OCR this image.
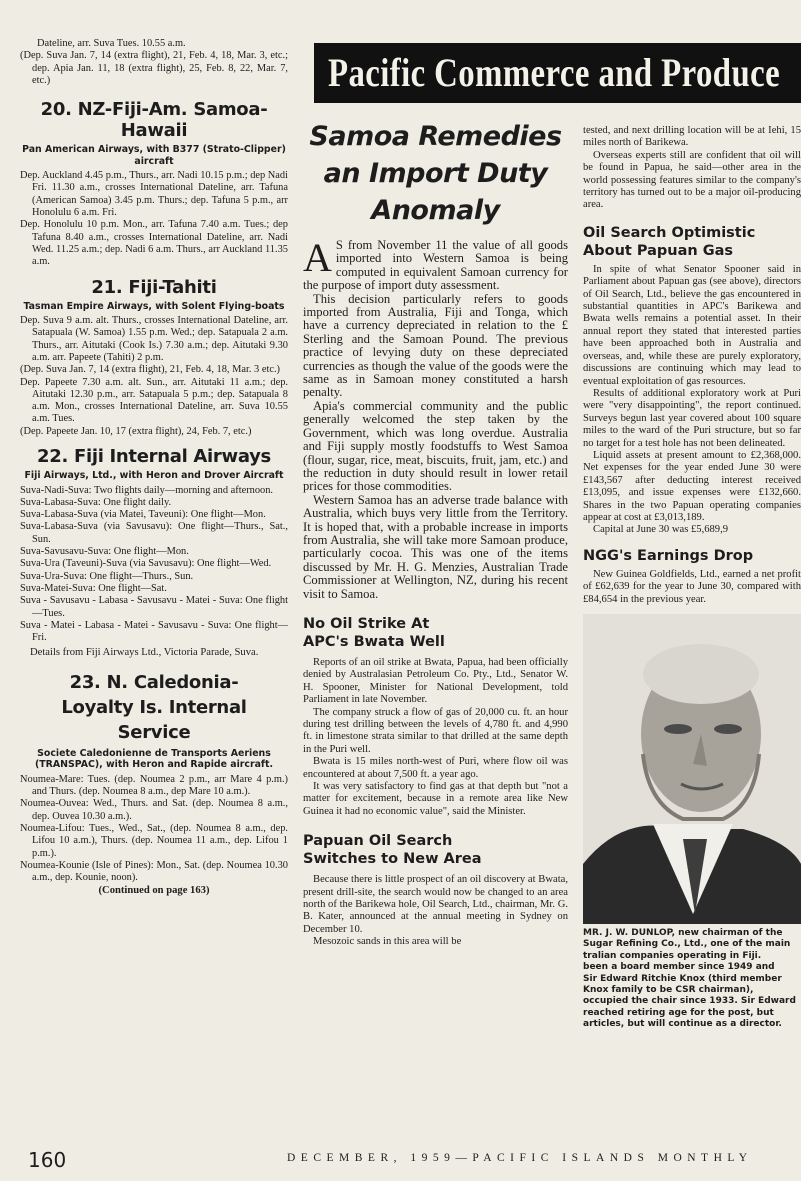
Pacific Commerce and Produce
Dateline, arr. Suva Tues. 10.55 a.m.
(Dep. Suva Jan. 7, 14 (extra flight), 21, Feb. 4, 18, Mar. 3, etc.; dep. Apia Jan. 11, 18 (extra flight), 25, Feb. 8, 22, Mar. 7, etc.)
20. NZ-Fiji-Am. Samoa-Hawaii
Pan American Airways, with B377 (Strato-Clipper) aircraft
Dep. Auckland 4.45 p.m., Thurs., arr. Nadi 10.15 p.m.; dep Nadi Fri. 11.30 a.m., crosses International Dateline, arr. Tafuna (American Samoa) 3.45 p.m. Thurs.; dep. Tafuna 5 p.m., arr Honolulu 6 a.m. Fri.
Dep. Honolulu 10 p.m. Mon., arr. Tafuna 7.40 a.m. Tues.; dep Tafuna 8.40 a.m., crosses International Dateline, arr. Nadi Wed. 11.25 a.m.; dep. Nadi 6 a.m. Thurs., arr Auckland 11.35 a.m.
21. Fiji-Tahiti
Tasman Empire Airways, with Solent Flying-boats
Dep. Suva 9 a.m. alt. Thurs., crosses International Dateline, arr. Satapuala (W. Samoa) 1.55 p.m. Wed.; dep. Satapuala 2 a.m. Thurs., arr. Aitutaki (Cook Is.) 7.30 a.m.; dep. Aitutaki 9.30 a.m. arr. Papeete (Tahiti) 2 p.m.
(Dep. Suva Jan. 7, 14 (extra flight), 21, Feb. 4, 18, Mar. 3 etc.)
Dep. Papeete 7.30 a.m. alt. Sun., arr. Aitutaki 11 a.m.; dep. Aitutaki 12.30 p.m., arr. Satapuala 5 p.m.; dep. Satapuala 8 a.m. Mon., crosses International Dateline, arr. Suva 10.55 a.m. Tues.
(Dep. Papeete Jan. 10, 17 (extra flight), 24, Feb. 7, etc.)
22. Fiji Internal Airways
Fiji Airways, Ltd., with Heron and Drover Aircraft
Suva-Nadi-Suva: Two flights daily—morning and afternoon.
Suva-Labasa-Suva: One flight daily.
Suva-Labasa-Suva (via Matei, Taveuni): One flight—Mon.
Suva-Labasa-Suva (via Savusavu): One flight—Thurs., Sat., Sun.
Suva-Savusavu-Suva: One flight—Mon.
Suva-Ura (Taveuni)-Suva (via Savusavu): One flight—Wed.
Suva-Ura-Suva: One flight—Thurs., Sun.
Suva-Matei-Suva: One flight—Sat.
Suva - Savusavu - Labasa - Savusavu - Matei - Suva: One flight—Tues.
Suva - Matei - Labasa - Matei - Savusavu - Suva: One flight—Fri.

Details from Fiji Airways Ltd., Victoria Parade, Suva.

23. N. Caledonia-Loyalty Is. Internal Service
Societe Caledonienne de Transports Aeriens (TRANSPAC), with Heron and Rapide aircraft.
Noumea-Mare: Tues. (dep. Noumea 2 p.m., arr Mare 4 p.m.) and Thurs. (dep. Noumea 8 a.m., dep Mare 10 a.m.).
Noumea-Ouvea: Wed., Thurs. and Sat. (dep. Noumea 8 a.m., dep. Ouvea 10.30 a.m.).
Noumea-Lifou: Tues., Wed., Sat., (dep. Noumea 8 a.m., dep. Lifou 10 a.m.), Thurs. (dep. Noumea 11 a.m., dep. Lifou 1 p.m.).
Noumea-Kounie (Isle of Pines): Mon., Sat. (dep. Noumea 10.30 a.m., dep. Kounie, noon).

(Continued on page 163)

Samoa Remedies an Import Duty Anomaly

A S from November 11 the value of all goods imported into Western Samoa is being computed in equivalent Samoan currency for the purpose of import duty assessment.

This decision particularly refers to goods imported from Australia, Fiji and Tonga, which have a currency depreciated in relation to the £ Sterling and the Samoan Pound. The previous practice of levying duty on these depreciated currencies as though the value of the goods were the same as in Samoan money constituted a harsh penalty.

Apia's commercial community and the public generally welcomed the step taken by the Government, which was long overdue. Australia and Fiji supply mostly foodstuffs to West Samoa (flour, sugar, rice, meat, biscuits, fruit, jam, etc.) and the reduction in duty should result in lower retail prices for those commodities.

Western Samoa has an adverse trade balance with Australia, which buys very little from the Territory. It is hoped that, with a probable increase in imports from Australia, she will take more Samoan produce, particularly cocoa. This was one of the items discussed by Mr. H. G. Menzies, Australian Trade Commissioner at Wellington, NZ, during his recent visit to Samoa.

No Oil Strike At APC's Bwata Well

Reports of an oil strike at Bwata, Papua, had been officially denied by Australasian Petroleum Co. Pty., Ltd., Senator W. H. Spooner, Minister for National Development, told Parliament in late November.

The company struck a flow of gas of 20,000 cu. ft. an hour during test drilling between the levels of 4,780 ft. and 4,990 ft. in limestone strata similar to that drilled at the same depth in the Puri well.

Bwata is 15 miles north-west of Puri, where flow oil was encountered at about 7,500 ft. a year ago.

It was very satisfactory to find gas at that depth but "not a matter for excitement, because in a remote area like New Guinea it had no economic value", said the Minister.

Papuan Oil Search Switches to New Area

Because there is little prospect of an oil discovery at Bwata, present drill-site, the search would now be changed to an area north of the Barikewa hole, Oil Search, Ltd., chairman, Mr. G. B. Kater, announced at the annual meeting in Sydney on December 10.

Mesozoic sands in this area will be

tested, and next drilling location will be at Iehi, 15 miles north of Barikewa.

Overseas experts still are confident that oil will be found in Papua, he said—other area in the world possessing features similar to the company's territory has turned out to be a major oil-producing area.

Oil Search Optimistic About Papuan Gas

In spite of what Senator Spooner said in Parliament about Papuan gas (see above), directors of Oil Search, Ltd., believe the gas encountered in substantial quantities in APC's Barikewa and Bwata wells remains a potential asset. In their annual report they stated that interested parties have been approached both in Australia and overseas, and, while these are purely exploratory, discussions are continuing which may lead to eventual exploitation of gas resources.

Results of additional exploratory work at Puri were "very disappointing", the report continued. Surveys begun last year covered about 100 square miles to the ward of the Puri structure, but so far no target for a test hole has not been delineated.

Liquid assets at present amount to £2,368,000. Net expenses for the year ended June 30 were £143,567 after deducting interest received £13,095, and issue expenses were £132,660. Shares in the two Papuan operating companies appear at cost at £3,013,189.

Capital at June 30 was £5,689,9

NGG's Earnings Drop

New Guinea Goldfields, Ltd., earned a net profit of £62,639 for the year to June 30, compared with £84,654 in the previous year.

MR. J. W. DUNLOP, new chairman of the
Sugar Refining Co., Ltd., one of the main
tralian companies operating in Fiji.
been a board member since 1949 and
Sir Edward Ritchie Knox (third member
Knox family to be CSR chairman),
occupied the chair since 1933. Sir Edward
reached retiring age for the post, but
articles, but will continue as a director.
160	DECEMBER, 1959—PACIFIC ISLANDS MONTHLY
